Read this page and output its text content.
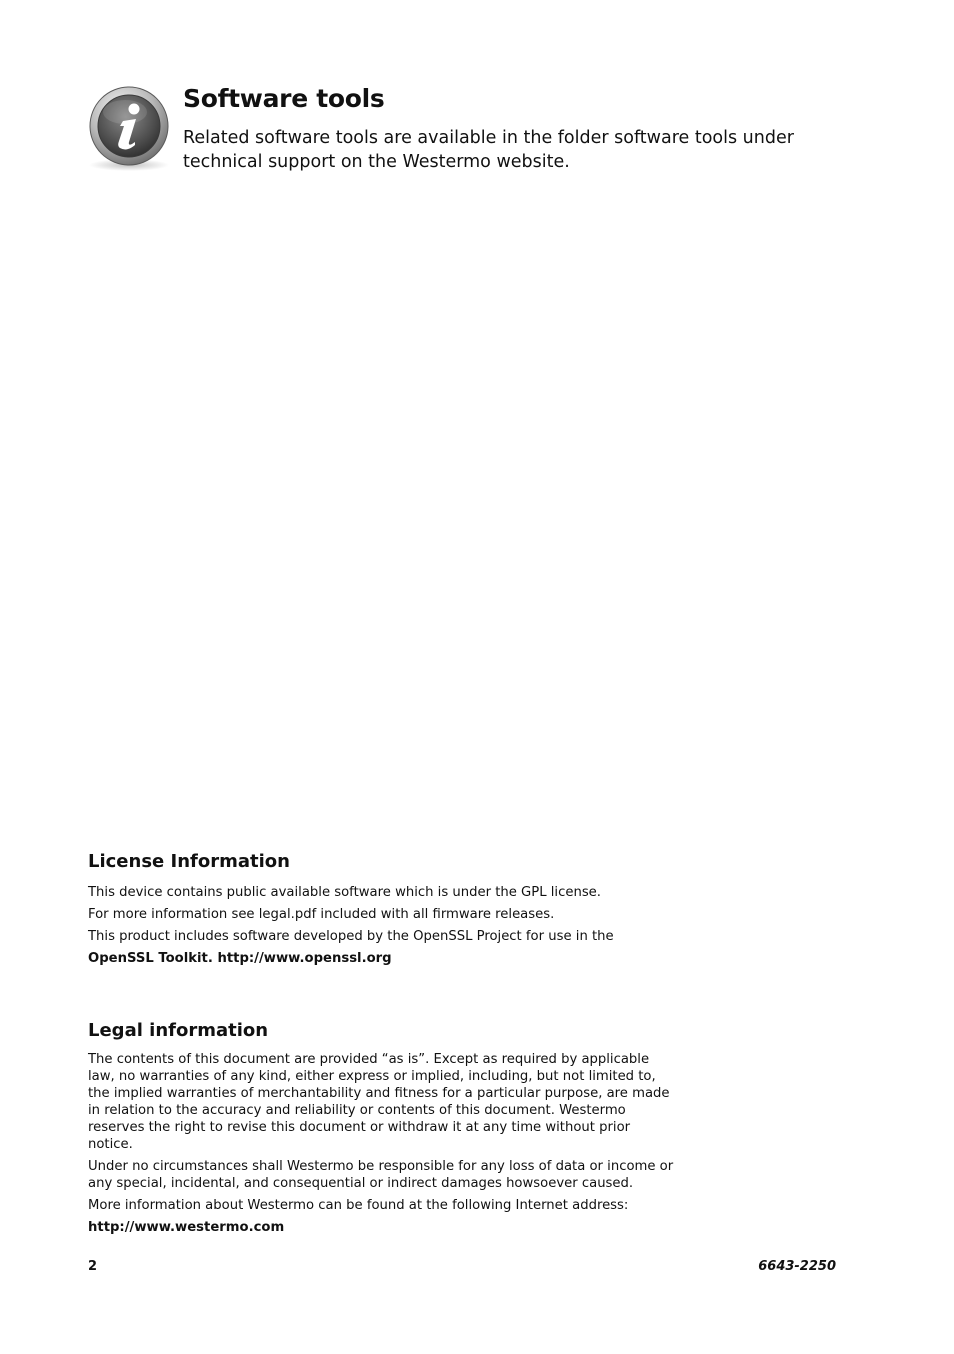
Software tools

Related software tools are available in the folder software tools under technical support on the Westermo website.

License Information
This device contains public available software which is under the GPL license.
For more information see legal.pdf included with all firmware releases.
This product includes software developed by the OpenSSL Project for use in the
OpenSSL Toolkit. http://www.openssl.org
Legal information

The contents of this document are provided “as is”. Except as required by applicable law, no warranties of any kind, either express or implied, including, but not limited to, the implied warranties of merchantability and fitness for a particular purpose, are made in relation to the accuracy and reliability or contents of this document. Westermo reserves the right to revise this document or withdraw it at any time without prior notice.

Under no circumstances shall Westermo be responsible for any loss of data or income or any special, incidental, and consequential or indirect damages howsoever caused.

More information about Westermo can be found at the following Internet address:

http://www.westermo.com

2	6643-2250
